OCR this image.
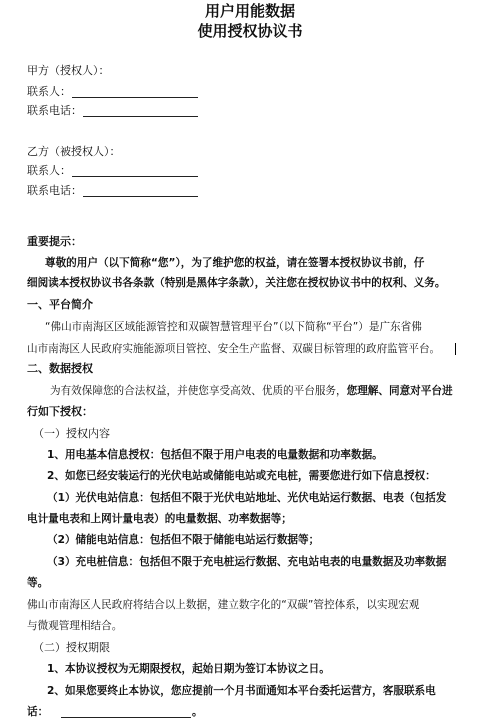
用户用能数据
使用授权协议书
甲方（授权人）：
联系人：
联系电话：
乙方（被授权人）：
联系人：
联系电话：
重要提示：
尊敬的用户（以下简称“您”），为了维护您的权益，请在签署本授权协议书前，仔
细阅读本授权协议书各条款（特别是黑体字条款），关注您在授权协议书中的权利、义务。
一、平台简介
“佛山市南海区区域能源管控和双碳智慧管理平台”（以下简称“平台”）是广东省佛
山市南海区人民政府实施能源项目管控、安全生产监督、双碳目标管理的政府监管平台。
二、数据授权
为有效保障您的合法权益，并使您享受高效、优质的平台服务，您理解、同意对平台进
行如下授权：
（一）授权内容
1、用电基本信息授权：包括但不限于用户电表的电量数据和功率数据。
2、如您已经安装运行的光伏电站或储能电站或充电桩，需要您进行如下信息授权：
（1）光伏电站信息：包括但不限于光伏电站地址、光伏电站运行数据、电表（包括发
电计量电表和上网计量电表）的电量数据、功率数据等；
（2）储能电站信息：包括但不限于储能电站运行数据等；
（3）充电桩信息：包括但不限于充电桩运行数据、充电站电表的电量数据及功率数据
等。
佛山市南海区人民政府将结合以上数据，建立数字化的“双碳”管控体系，以实现宏观
与微观管理相结合。
（二）授权期限
1、本协议授权为无期限授权，起始日期为签订本协议之日。
2、如果您要终止本协议，您应提前一个月书面通知本平台委托运营方，客服联系电
话：	。
